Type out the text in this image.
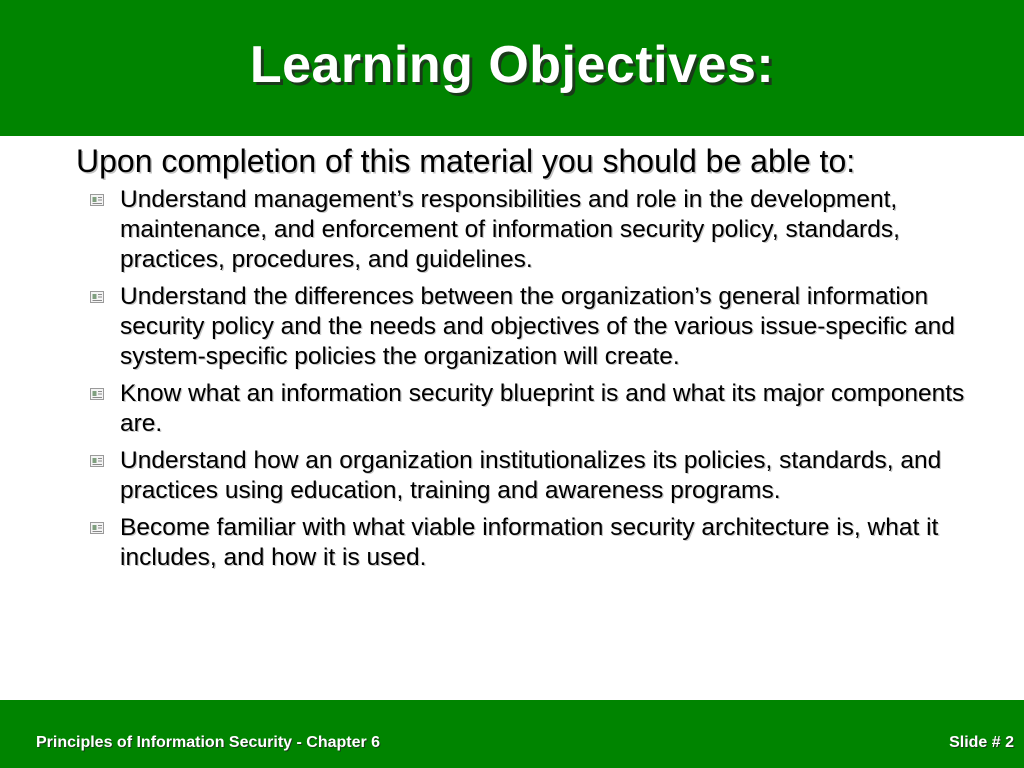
Learning Objectives:

Upon completion of this material you should be able to:

Understand management’s responsibilities and role in the development, maintenance, and enforcement of information security policy, standards, practices, procedures, and guidelines.
Understand the differences between the organization’s general information security policy and the needs and objectives of the various issue-specific and system-specific policies the organization will create.
Know what an information security blueprint is and what its major components are.
Understand how an organization institutionalizes its policies, standards, and practices using education, training and awareness programs.
Become familiar with what viable information security architecture is, what it includes, and how it is used.
Principles of Information Security - Chapter 6	Slide # 2
